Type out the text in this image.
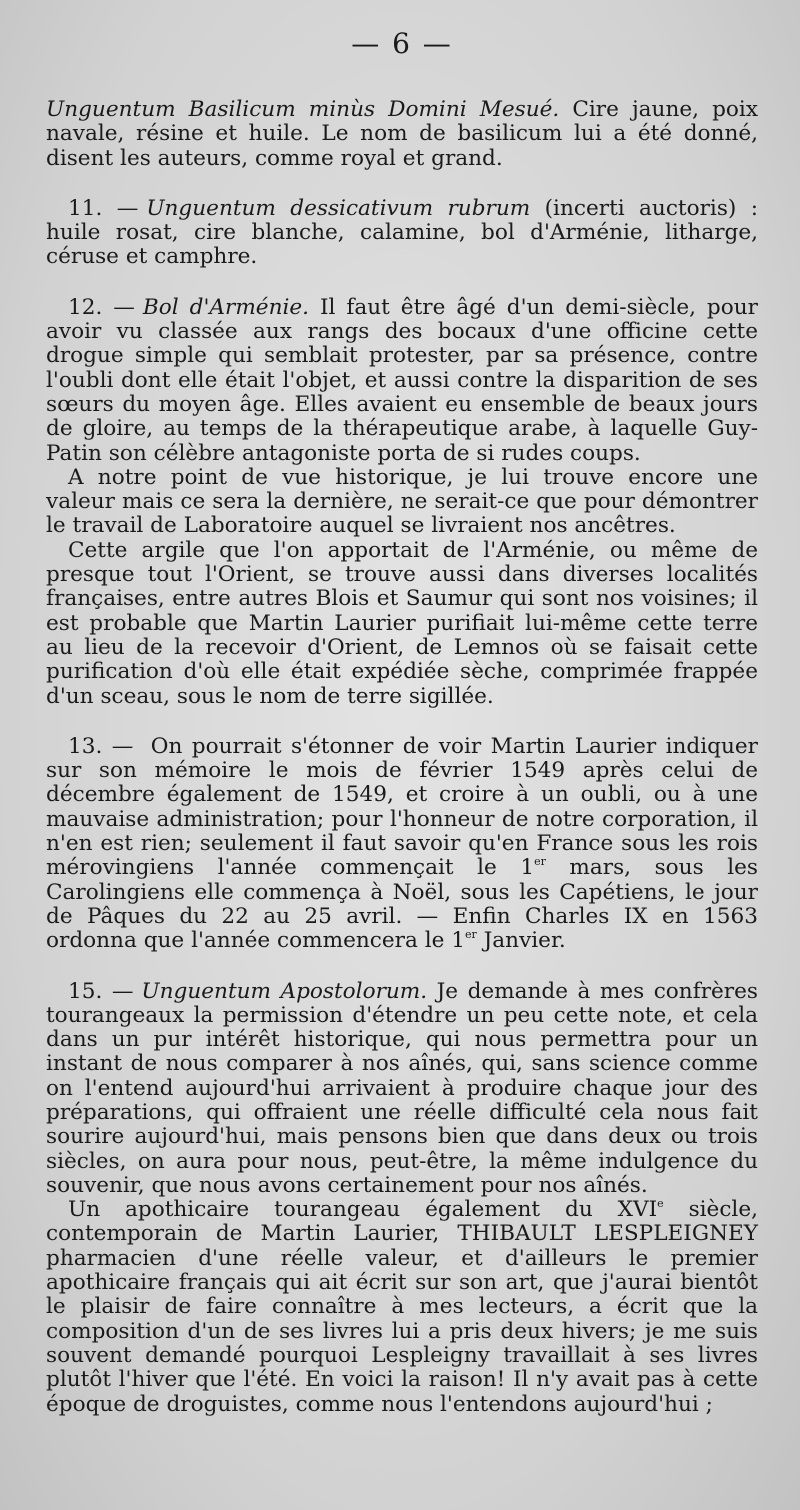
— 6 —

Unguentum Basilicum minùs Domini Mesué. Cire jaune, poix navale, résine et huile. Le nom de basilicum lui a été donné, disent les auteurs, comme royal et grand.

11. — Unguentum dessicativum rubrum (incerti auctoris) : huile rosat, cire blanche, calamine, bol d'Arménie, litharge, céruse et camphre.

12. — Bol d'Arménie. Il faut être âgé d'un demi-siècle, pour avoir vu classée aux rangs des bocaux d'une officine cette drogue simple qui semblait protester, par sa présence, contre l'oubli dont elle était l'objet, et aussi contre la disparition de ses sœurs du moyen âge. Elles avaient eu ensemble de beaux jours de gloire, au temps de la thérapeutique arabe, à laquelle Guy-Patin son célèbre antagoniste porta de si rudes coups.

A notre point de vue historique, je lui trouve encore une valeur mais ce sera la dernière, ne serait-ce que pour démontrer le travail de Laboratoire auquel se livraient nos ancêtres.

Cette argile que l'on apportait de l'Arménie, ou même de presque tout l'Orient, se trouve aussi dans diverses localités françaises, entre autres Blois et Saumur qui sont nos voisines; il est probable que Martin Laurier purifiait lui-même cette terre au lieu de la recevoir d'Orient, de Lemnos où se faisait cette purification d'où elle était expédiée sèche, comprimée frappée d'un sceau, sous le nom de terre sigillée.

13. — On pourrait s'étonner de voir Martin Laurier indiquer sur son mémoire le mois de février 1549 après celui de décembre également de 1549, et croire à un oubli, ou à une mauvaise administration; pour l'honneur de notre corporation, il n'en est rien; seulement il faut savoir qu'en France sous les rois mérovingiens l'année commençait le 1er mars, sous les Carolingiens elle commença à Noël, sous les Capétiens, le jour de Pâques du 22 au 25 avril. — Enfin Charles IX en 1563 ordonna que l'année commencera le 1er Janvier.

15. — Unguentum Apostolorum. Je demande à mes confrères tourangeaux la permission d'étendre un peu cette note, et cela dans un pur intérêt historique, qui nous permettra pour un instant de nous comparer à nos aînés, qui, sans science comme on l'entend aujourd'hui arrivaient à produire chaque jour des préparations, qui offraient une réelle difficulté cela nous fait sourire aujourd'hui, mais pensons bien que dans deux ou trois siècles, on aura pour nous, peut-être, la même indulgence du souvenir, que nous avons certainement pour nos aînés.

Un apothicaire tourangeau également du XVIe siècle, contemporain de Martin Laurier, THIBAULT LESPLEIGNEY pharmacien d'une réelle valeur, et d'ailleurs le premier apothicaire français qui ait écrit sur son art, que j'aurai bientôt le plaisir de faire connaître à mes lecteurs, a écrit que la composition d'un de ses livres lui a pris deux hivers; je me suis souvent demandé pourquoi Lespleigny travaillait à ses livres plutôt l'hiver que l'été. En voici la raison! Il n'y avait pas à cette époque de droguistes, comme nous l'entendons aujourd'hui ;
